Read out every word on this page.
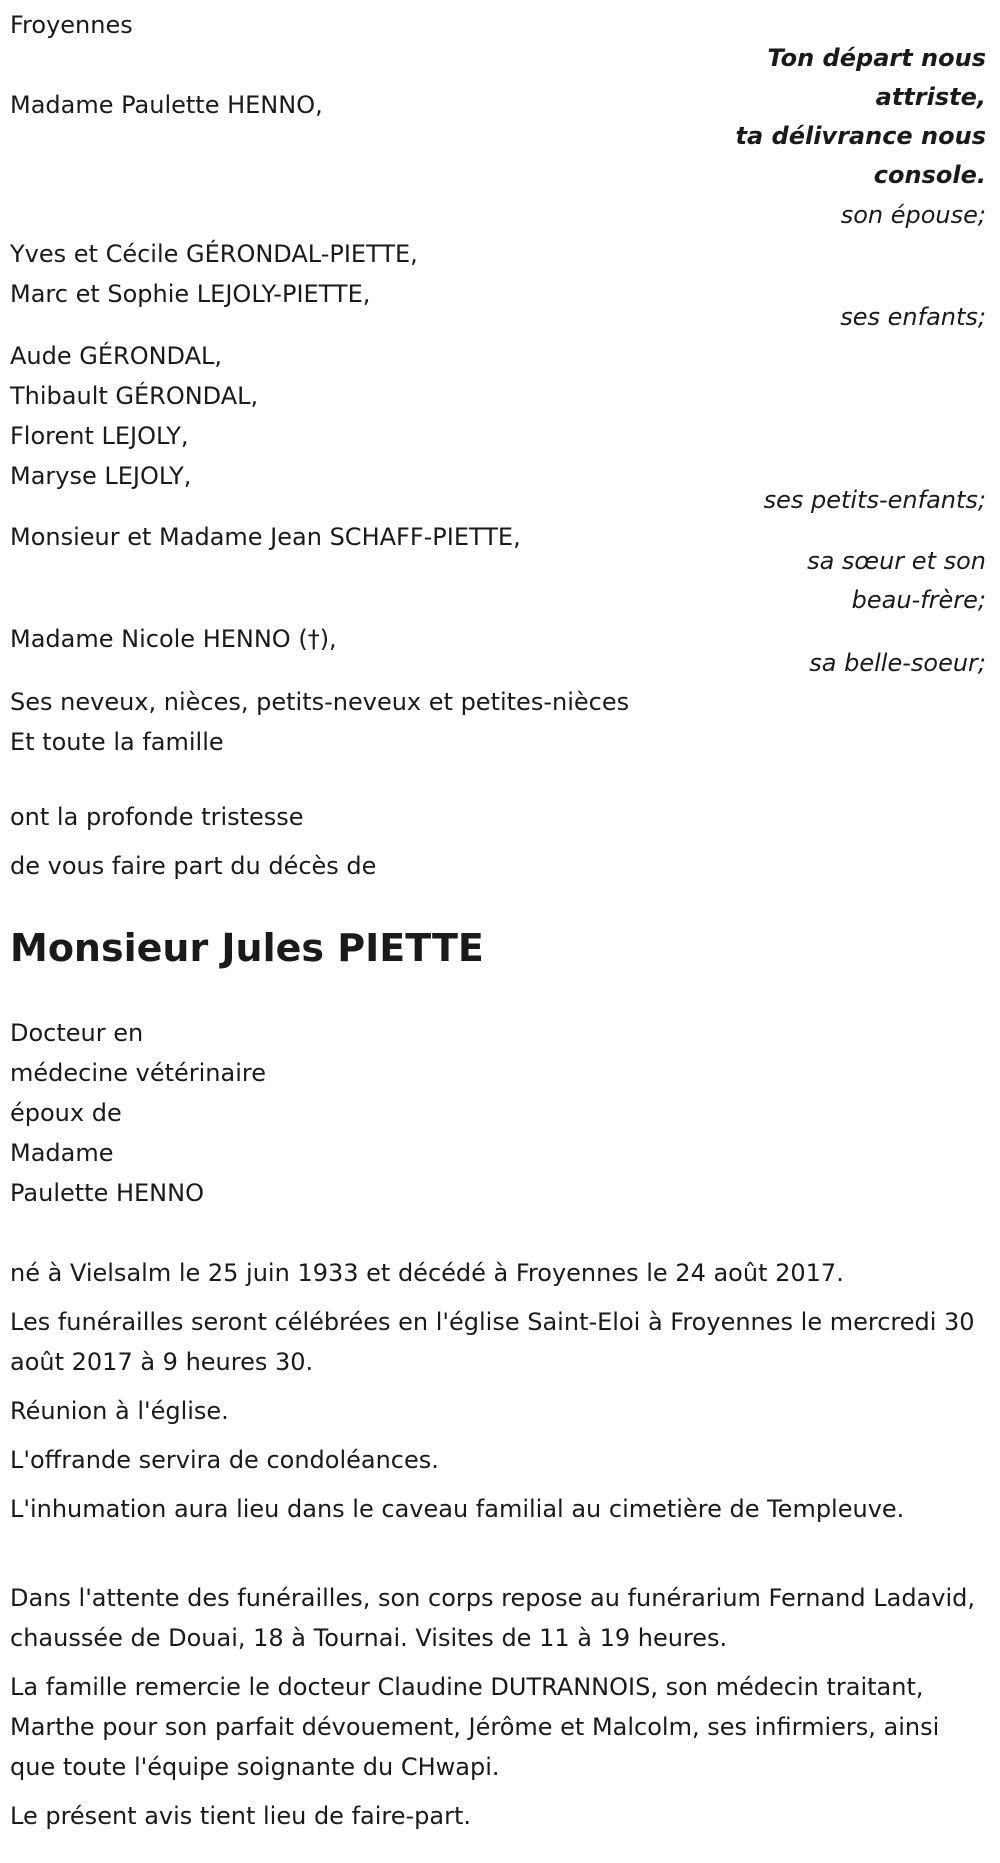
Froyennes
Ton départ nous
attriste,
ta délivrance nous
console.
Madame Paulette HENNO,
son épouse;
Yves et Cécile GÉRONDAL-PIETTE,
Marc et Sophie LEJOLY-PIETTE,
ses enfants;
Aude GÉRONDAL,
Thibault GÉRONDAL,
Florent LEJOLY,
Maryse LEJOLY,
ses petits-enfants;
Monsieur et Madame Jean SCHAFF-PIETTE,
sa sœur et son
beau-frère;
Madame Nicole HENNO (†),
sa belle-soeur;
Ses neveux, nièces, petits-neveux et petites-nièces
Et toute la famille
ont la profonde tristesse
de vous faire part du décès de
Monsieur Jules PIETTE
Docteur en
médecine vétérinaire
époux de
Madame
Paulette HENNO
né à Vielsalm le 25 juin 1933 et décédé à Froyennes le 24 août 2017.
Les funérailles seront célébrées en l'église Saint-Eloi à Froyennes le mercredi 30 août 2017 à 9 heures 30.
Réunion à l'église.
L'offrande servira de condoléances.
L'inhumation aura lieu dans le caveau familial au cimetière de Templeuve.
Dans l'attente des funérailles, son corps repose au funérarium Fernand Ladavid, chaussée de Douai, 18 à Tournai. Visites de 11 à 19 heures.
La famille remercie le docteur Claudine DUTRANNOIS, son médecin traitant, Marthe pour son parfait dévouement, Jérôme et Malcolm, ses infirmiers, ainsi que toute l'équipe soignante du CHwapi.
Le présent avis tient lieu de faire-part.
